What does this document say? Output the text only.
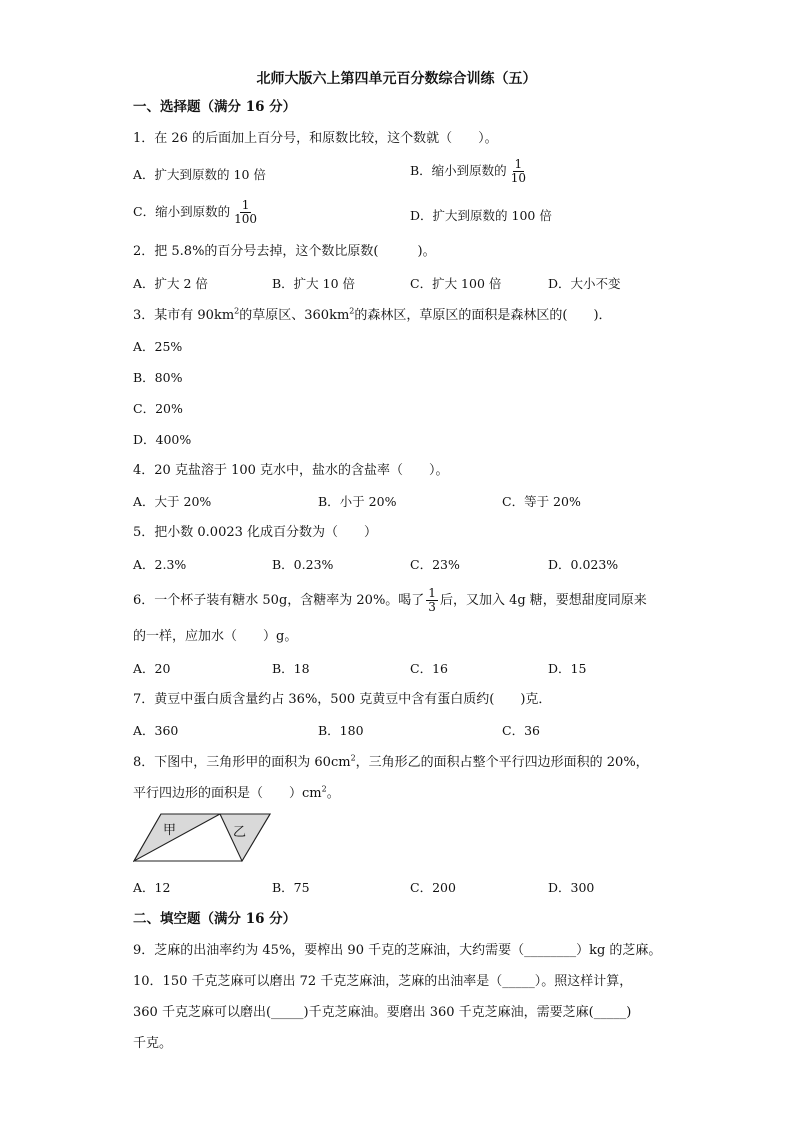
北师大版六上第四单元百分数综合训练（五）
一、选择题（满分 16 分）
1．在 26 的后面加上百分号，和原数比较，这个数就（　　）。
A．扩大到原数的 10 倍	B．缩小到原数的 $\frac{1}{10}$
C．缩小到原数的 $\frac{1}{100}$	D．扩大到原数的 100 倍
2．把 5.8%的百分号去掉，这个数比原数(　　　)。
A．扩大 2 倍	B．扩大 10 倍	C．扩大 100 倍	D．大小不变
3．某市有 $90km^2$的草原区、$360km^2$的森林区，草原区的面积是森林区的(　　)．
A．25%
B．80%
C．20%
D．400%
4．20 克盐溶于 100 克水中，盐水的含盐率（　　）。
A．大于 20%	B．小于 20%	C．等于 20%
5．把小数 0.0023 化成百分数为（　　）
A．2.3%	B．0.23%	C．23%	D．0.023%
6．一个杯子装有糖水 50g，含糖率为 20%。喝了 $\frac{1}{3}$ 后，又加入 4g 糖，要想甜度同原来
的一样，应加水（　　）g。
A．20	B．18	C．16	D．15
7．黄豆中蛋白质含量约占 36%，500 克黄豆中含有蛋白质约(　　)克．
A．360	B．180	C．36
8．下图中，三角形甲的面积为 $60cm^2$，三角形乙的面积占整个平行四边形面积的 20%，
平行四边形的面积是（　　）$cm^2$。
甲	乙
A．12	B．75	C．200	D．300
二、填空题（满分 16 分）
9．芝麻的出油率约为 45%，要榨出 90 千克的芝麻油，大约需要（________）kg 的芝麻。
10．150 千克芝麻可以磨出 72 千克芝麻油，芝麻的出油率是（_____）。照这样计算，
360 千克芝麻可以磨出(_____)千克芝麻油。要磨出 360 千克芝麻油，需要芝麻(_____)
千克。
